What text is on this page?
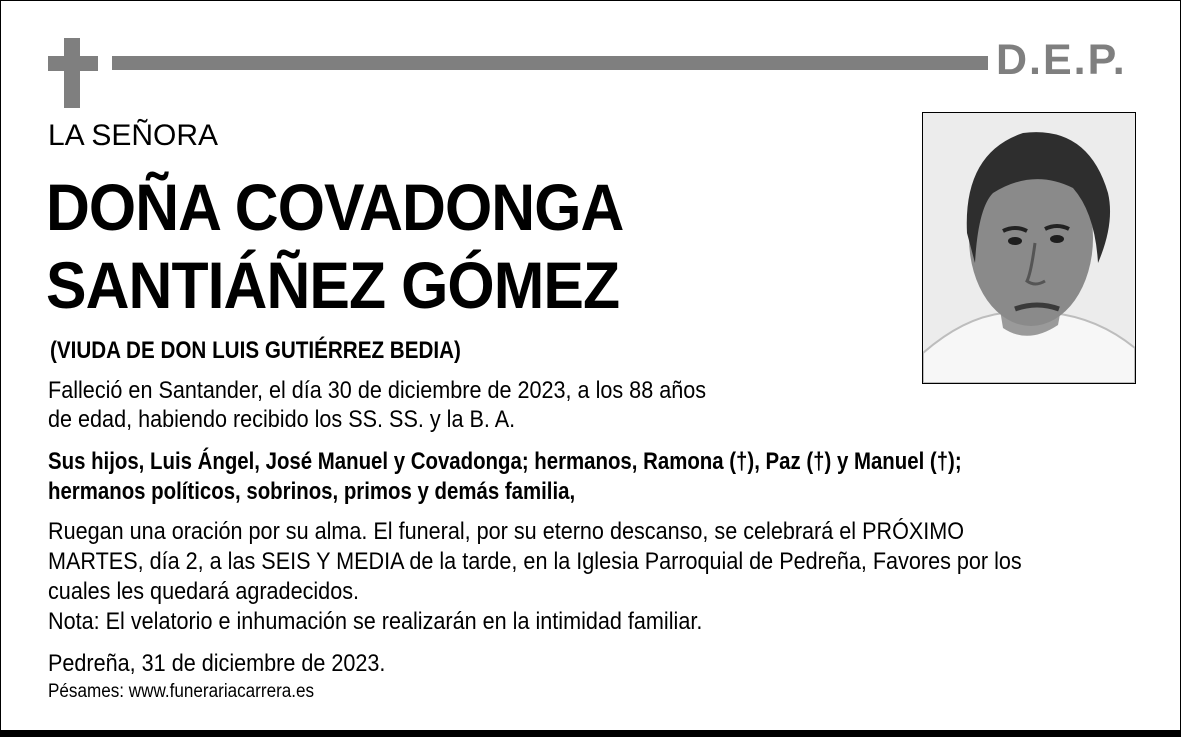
D.E.P.
LA SEÑORA
DOÑA COVADONGA
SANTIÁÑEZ GÓMEZ
(VIUDA DE DON LUIS GUTIÉRREZ BEDIA)
Falleció en Santander, el día 30 de diciembre de 2023, a los 88 años
de edad, habiendo recibido los SS. SS. y la B. A.
Sus hijos, Luis Ángel, José Manuel y Covadonga; hermanos, Ramona (†), Paz (†) y Manuel (†);
hermanos políticos, sobrinos, primos y demás familia,
Ruegan una oración por su alma. El funeral, por su eterno descanso, se celebrará el PRÓXIMO
MARTES, día 2, a las SEIS Y MEDIA de la tarde, en la Iglesia Parroquial de Pedreña, Favores por los
cuales les quedará agradecidos.
Nota: El velatorio e inhumación se realizarán en la intimidad familiar.
Pedreña, 31 de diciembre de 2023.
Pésames: www.funerariacarrera.es
